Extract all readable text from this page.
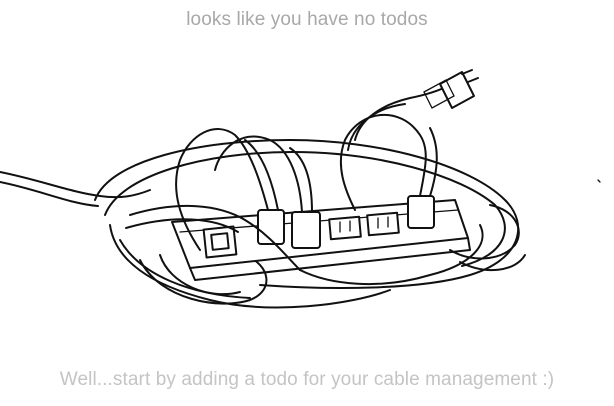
looks like you have no todos
Well...start by adding a todo for your cable management :)
